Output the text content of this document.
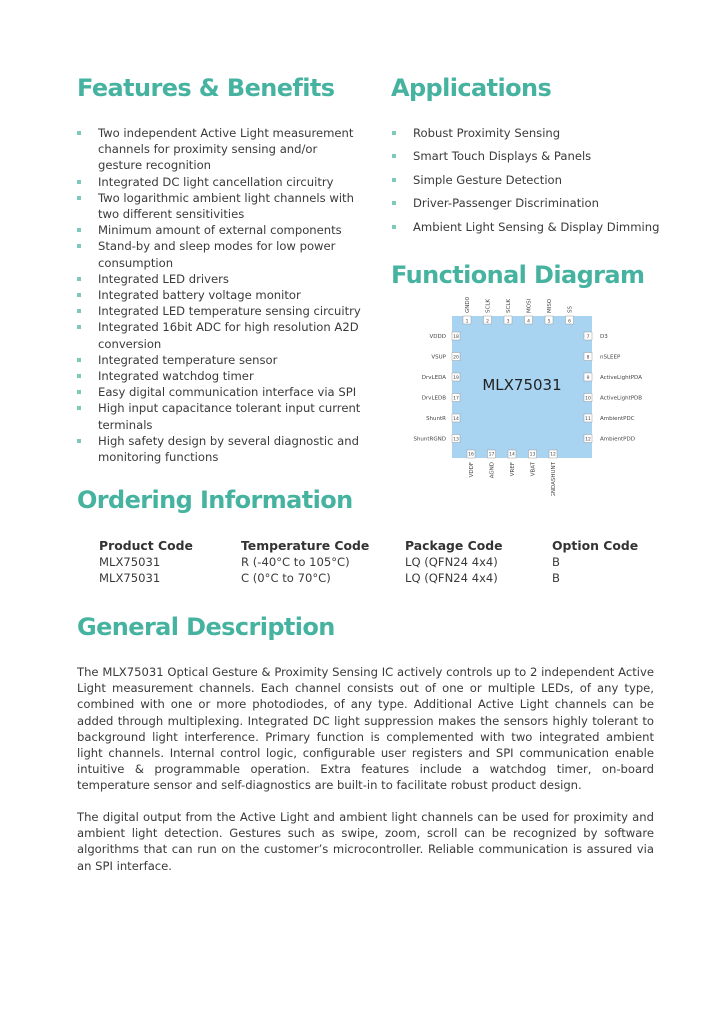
Features & Benefits
Two independent Active Light measurement channels for proximity sensing and/or gesture recognition
Integrated DC light cancellation circuitry
Two logarithmic ambient light channels with two different sensitivities
Minimum amount of external components
Stand-by and sleep modes for low power consumption
Integrated LED drivers
Integrated battery voltage monitor
Integrated LED temperature sensing circuitry
Integrated 16bit ADC for high resolution A2D conversion
Integrated temperature sensor
Integrated watchdog timer
Easy digital communication interface via SPI
High input capacitance tolerant input current terminals
High safety design by several diagnostic and monitoring functions
Applications
Robust Proximity Sensing
Smart Touch Displays & Panels
Simple Gesture Detection
Driver-Passenger Discrimination
Ambient Light Sensing & Display Dimming
Functional Diagram
MLX75031
GND0
1
SCLK
2
SCLK
3
MOSI
4
MISO
5
SS
6
VDDD 18
VSUP 20
DrvLEDA 19
DrvLEDB 17
ShuntR 14
ShuntRGND 13
D3
7
nSLEEP
8
ActiveLightPDA
9
ActiveLightPDB
10
AmbientPDC
11
AmbientPDD
12
VDDF
16
AGND
17
VREF
14
VBAT
13
GNDASHUNT
12
Ordering Information
Product Code
MLX75031
MLX75031
Temperature Code
R (-40°C to 105°C)
C (0°C to 70°C)
Package Code
LQ (QFN24 4x4)
LQ (QFN24 4x4)
Option Code
B
B
General Description

The MLX75031 Optical Gesture & Proximity Sensing IC actively controls up to 2 independent Active Light measurement channels. Each channel consists out of one or multiple LEDs, of any type, combined with one or more photodiodes, of any type. Additional Active Light channels can be added through multiplexing. Integrated DC light suppression makes the sensors highly tolerant to background light interference. Primary function is complemented with two integrated ambient light channels. Internal control logic, configurable user registers and SPI communication enable intuitive & programmable operation. Extra features include a watchdog timer, on-board temperature sensor and self-diagnostics are built-in to facilitate robust product design.

The digital output from the Active Light and ambient light channels can be used for proximity and ambient light detection. Gestures such as swipe, zoom, scroll can be recognized by software algorithms that can run on the customer’s microcontroller. Reliable communication is assured via an SPI interface.
